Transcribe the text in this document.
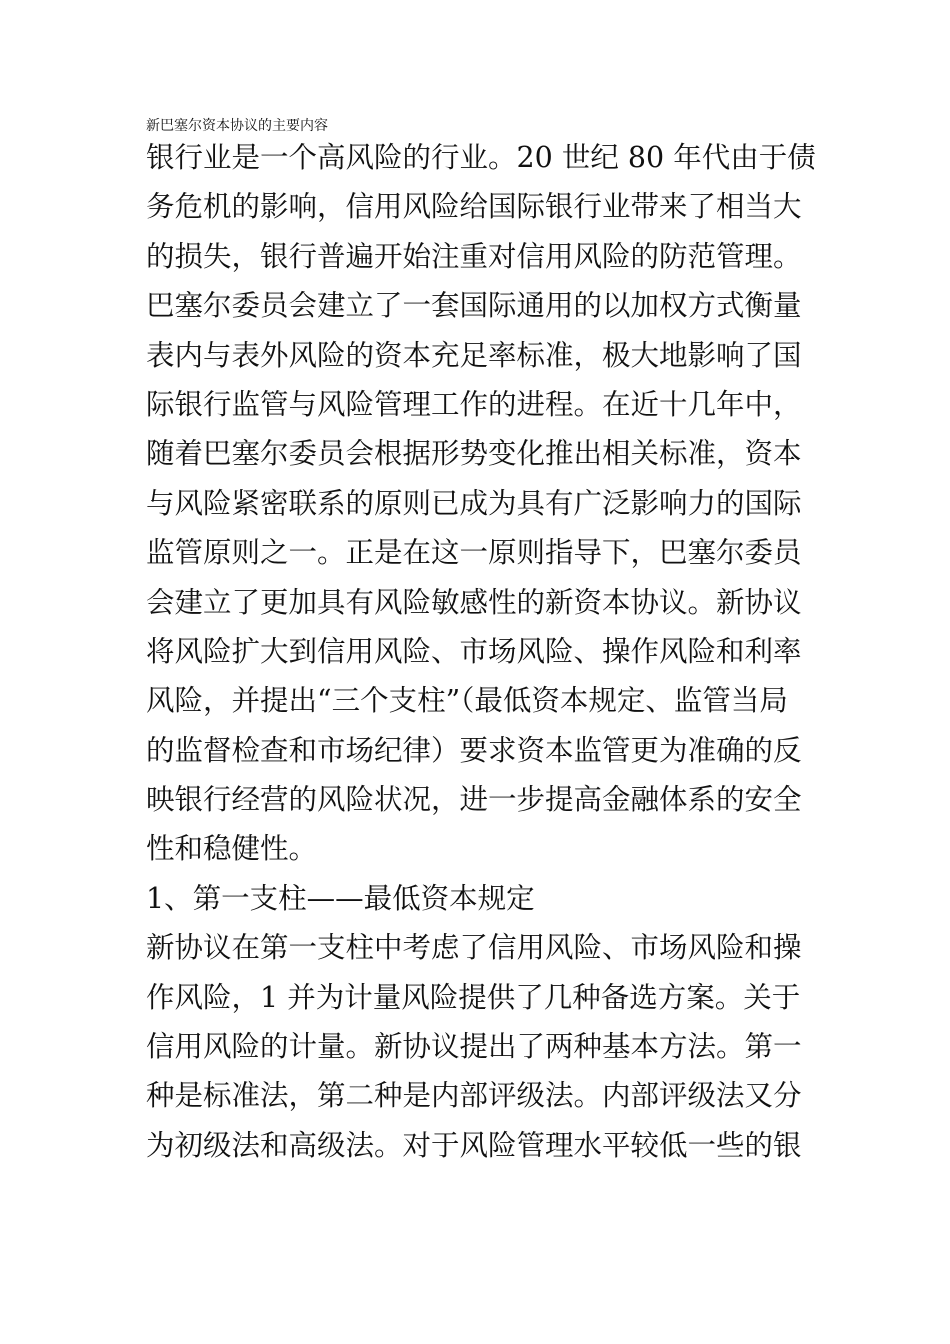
新巴塞尔资本协议的主要内容
银行业是一个高风险的行业。20 世纪 80 年代由于债
务危机的影响，信用风险给国际银行业带来了相当大
的损失，银行普遍开始注重对信用风险的防范管理。
巴塞尔委员会建立了一套国际通用的以加权方式衡量
表内与表外风险的资本充足率标准，极大地影响了国
际银行监管与风险管理工作的进程。在近十几年中，
随着巴塞尔委员会根据形势变化推出相关标准，资本
与风险紧密联系的原则已成为具有广泛影响力的国际
监管原则之一。正是在这一原则指导下，巴塞尔委员
会建立了更加具有风险敏感性的新资本协议。新协议
将风险扩大到信用风险、市场风险、操作风险和利率
风险，并提出“三个支柱”（最低资本规定、监管当局
的监督检查和市场纪律）要求资本监管更为准确的反
映银行经营的风险状况，进一步提高金融体系的安全
性和稳健性。
1、第一支柱——最低资本规定
新协议在第一支柱中考虑了信用风险、市场风险和操
作风险，1 并为计量风险提供了几种备选方案。关于
信用风险的计量。新协议提出了两种基本方法。第一
种是标准法，第二种是内部评级法。内部评级法又分
为初级法和高级法。对于风险管理水平较低一些的银
